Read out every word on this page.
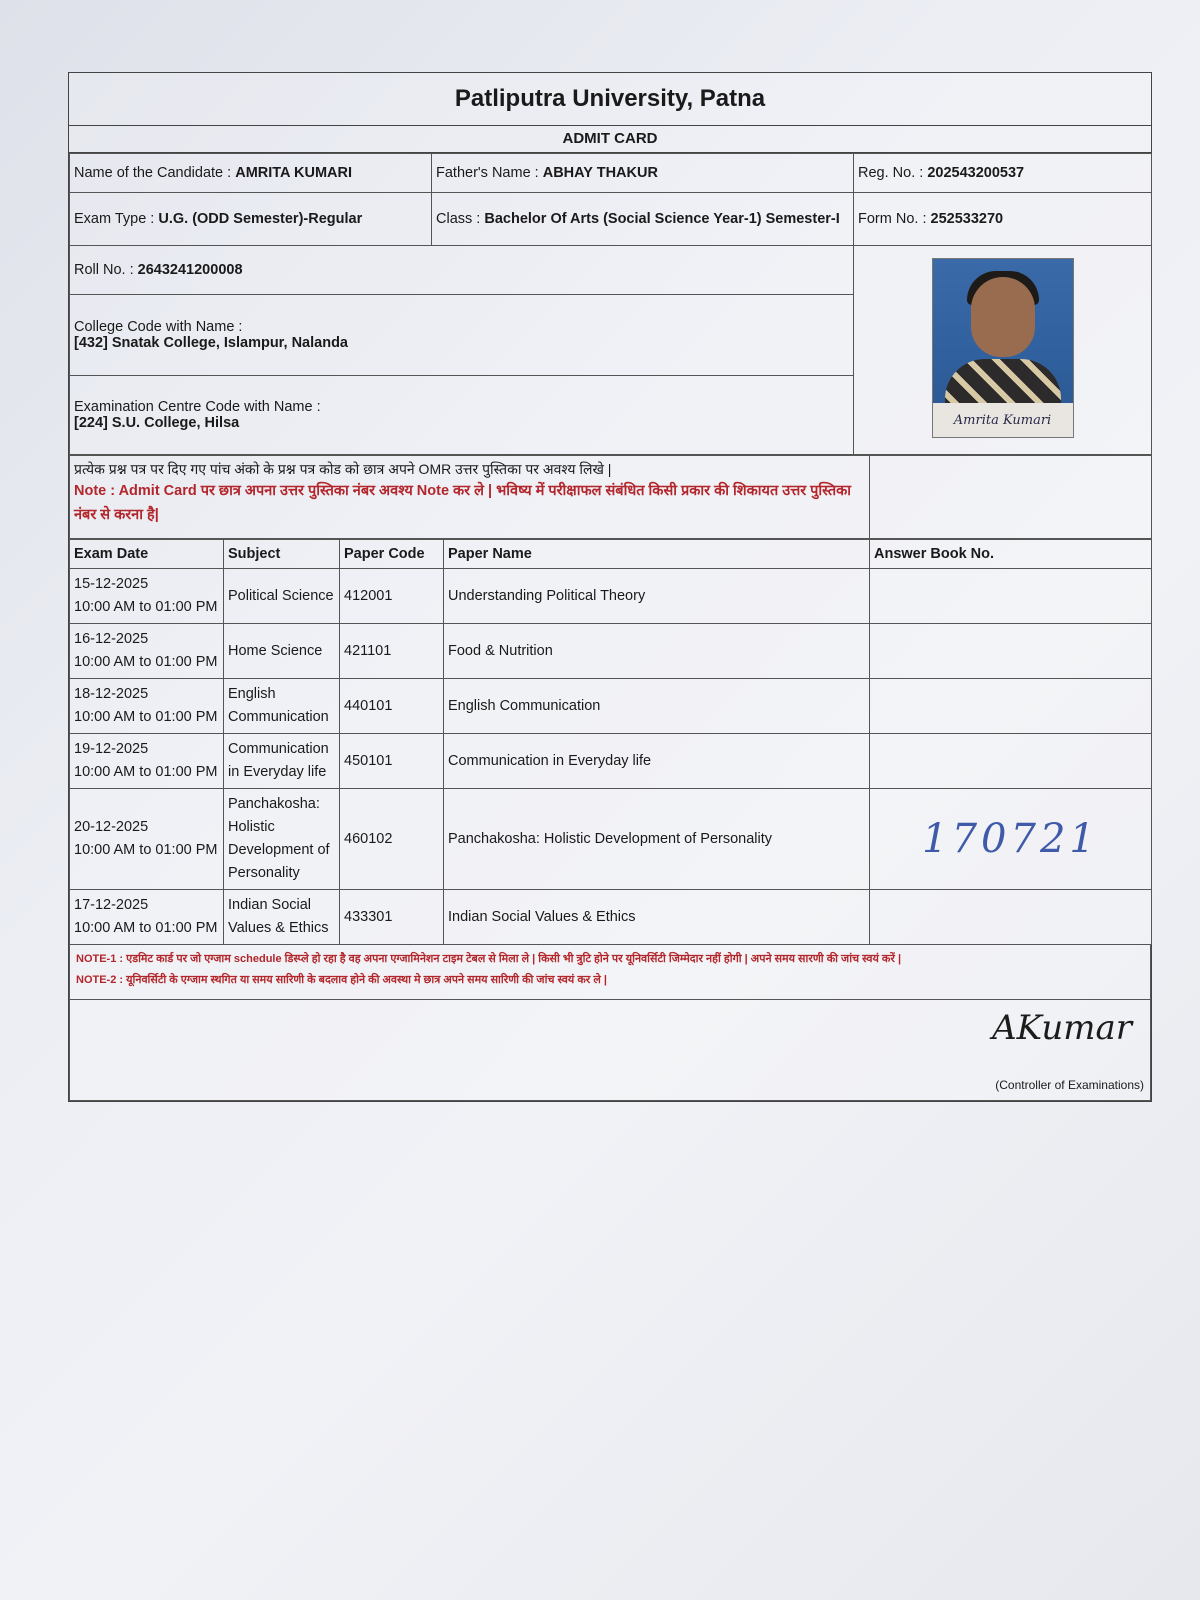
Patliputra University, Patna
ADMIT CARD
Name of the Candidate : AMRITA KUMARI	Father's Name : ABHAY THAKUR	Reg. No. : 202543200537
Exam Type : U.G. (ODD Semester)-Regular	Class : Bachelor Of Arts (Social Science Year-1) Semester-I	Form No. : 252533270
Roll No. : 2643241200008		Amrita Kumari

College Code with Name :
[432] Snatak College, Islampur, Nalanda		

Examination Centre Code with Name :
[224] S.U. College, Hilsa		
प्रत्येक प्रश्न पत्र पर दिए गए पांच अंको के प्रश्न पत्र कोड को छात्र अपने OMR उत्तर पुस्तिका पर अवश्य लिखे |
Note : Admit Card पर छात्र अपना उत्तर पुस्तिका नंबर अवश्य Note कर ले | भविष्य में परीक्षाफल संबंधित किसी प्रकार की शिकायत उत्तर पुस्तिका नंबर से करना है|

Exam Date	Subject	Paper Code	Paper Name	Answer Book No.

15-12-2025
10:00 AM to 01:00 PM	Political Science	412001	Understanding Political Theory	

16-12-2025
10:00 AM to 01:00 PM	Home Science	421101	Food & Nutrition	

18-12-2025
10:00 AM to 01:00 PM	English Communication	440101	English Communication	

19-12-2025
10:00 AM to 01:00 PM	Communication in Everyday life	450101	Communication in Everyday life	

20-12-2025
10:00 AM to 01:00 PM	Panchakosha: Holistic Development of Personality	460102	Panchakosha: Holistic Development of Personality	170721

17-12-2025
10:00 AM to 01:00 PM	Indian Social Values & Ethics	433301	Indian Social Values & Ethics	

NOTE-1 : एडमिट कार्ड पर जो एग्जाम schedule डिस्प्ले हो रहा है वह अपना एग्जामिनेशन टाइम टेबल से मिला ले | किसी भी त्रुटि होने पर यूनिवर्सिटी जिम्मेदार नहीं होगी | अपने समय सारणी की जांच स्वयं करें |
NOTE-2 : यूनिवर्सिटी के एग्जाम स्थगित या समय सारिणी के बदलाव होने की अवस्था मे छात्र अपने समय सारिणी की जांच स्वयं कर ले |
AKumar
(Controller of Examinations)
